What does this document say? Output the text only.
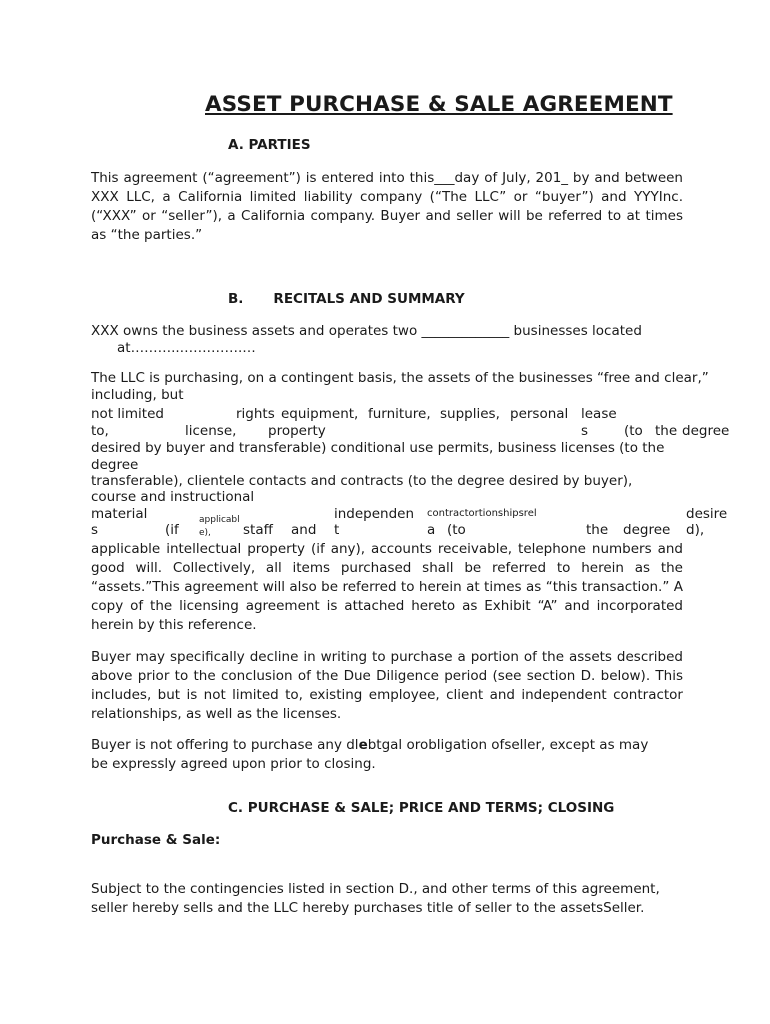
ASSET PURCHASE & SALE AGREEMENT
A. PARTIES
This agreement (“agreement”) is entered into this___day of July, 201_ by and between XXX LLC, a California limited liability company (“The LLC” or “buyer”) and YYYInc. (“XXX” or “seller”), a California company. Buyer and seller will be referred to at times as “the parties.”
B. RECITALS AND SUMMARY
XXX owns the business assets and operates two _____________ businesses located
at………..…….…….…
The LLC is purchasing, on a contingent basis, the assets of the businesses “free and clear,”
including, but
not limited	rights equipment, furniture, supplies, personal lease
to,	license, property	s	(to the degree
desired by buyer and transferable) conditional use permits, business licenses (to the
degree
transferable), clientele contacts and contracts (to the degree desired by buyer),
course and instructional
material	applicabl	independen contractortionshipsrel	desire
s	(if e), staff and t	a (to	the degree d),
applicable intellectual property (if any), accounts receivable, telephone numbers and good will. Collectively, all items purchased shall be referred to herein as the “assets.”This agreement will also be referred to herein at times as “this transaction.” A copy of the licensing agreement is attached hereto as Exhibit “A” and incorporated herein by this reference.
Buyer may specifically decline in writing to purchase a portion of the assets described above prior to the conclusion of the Due Diligence period (see section D. below). This includes, but is not limited to, existing employee, client and independent contractor relationships, as well as the licenses.
Buyer is not offering to purchase any dlebtgal orobligation ofseller, except as may
be expressly agreed upon prior to closing.
C. PURCHASE & SALE; PRICE AND TERMS; CLOSING
Purchase & Sale:
Subject to the contingencies listed in section D., and other terms of this agreement,
seller hereby sells and the LLC hereby purchases title of seller to the assetsSeller.
